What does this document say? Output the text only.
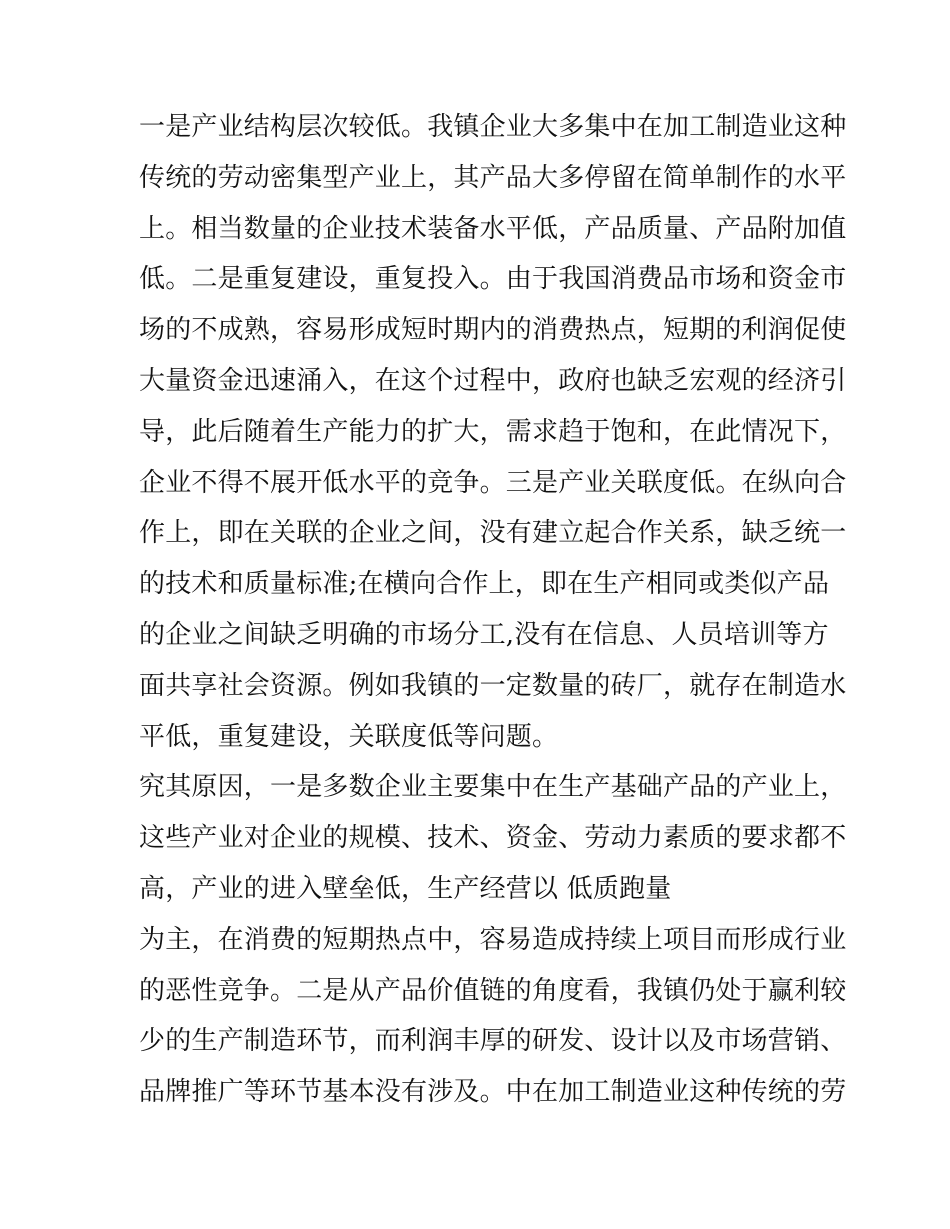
一是产业结构层次较低。我镇企业大多集中在加工制造业这种
传统的劳动密集型产业上，其产品大多停留在简单制作的水平
上。相当数量的企业技术装备水平低，产品质量、产品附加值
低。二是重复建设，重复投入。由于我国消费品市场和资金市
场的不成熟，容易形成短时期内的消费热点，短期的利润促使
大量资金迅速涌入，在这个过程中，政府也缺乏宏观的经济引
导，此后随着生产能力的扩大，需求趋于饱和，在此情况下，
企业不得不展开低水平的竞争。三是产业关联度低。在纵向合
作上，即在关联的企业之间，没有建立起合作关系，缺乏统一
的技术和质量标准;在横向合作上，即在生产相同或类似产品
的企业之间缺乏明确的市场分工,没有在信息、人员培训等方
面共享社会资源。例如我镇的一定数量的砖厂，就存在制造水
平低，重复建设，关联度低等问题。
究其原因，一是多数企业主要集中在生产基础产品的产业上，
这些产业对企业的规模、技术、资金、劳动力素质的要求都不
高，产业的进入壁垒低，生产经营以 低质跑量
为主，在消费的短期热点中，容易造成持续上项目而形成行业
的恶性竞争。二是从产品价值链的角度看，我镇仍处于赢利较
少的生产制造环节，而利润丰厚的研发、设计以及市场营销、
品牌推广等环节基本没有涉及。中在加工制造业这种传统的劳
